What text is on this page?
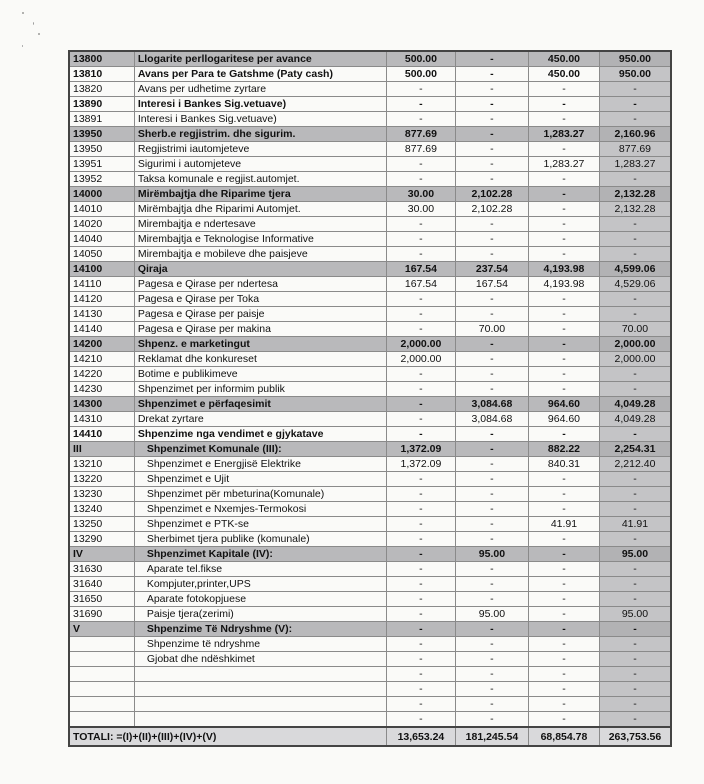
13800	Llogarite perllogaritese per avance	500.00	-	450.00	950.00
13810	Avans per Para te Gatshme (Paty cash)	500.00	-	450.00	950.00
13820	Avans per udhetime zyrtare	-	-	-	-
13890	Interesi i Bankes Sig.vetuave)	-	-	-	-
13891	Interesi i Bankes Sig.vetuave)	-	-	-	-
13950	Sherb.e regjistrim. dhe sigurim.	877.69	-	1,283.27	2,160.96
13950	Regjistrimi iautomjeteve	877.69	-	-	877.69
13951	Sigurimi i automjeteve	-	-	1,283.27	1,283.27
13952	Taksa komunale e regjist.automjet.	-	-	-	-
14000	Mirëmbajtja dhe Riparime tjera	30.00	2,102.28	-	2,132.28
14010	Mirëmbajtja dhe Riparimi Automjet.	30.00	2,102.28	-	2,132.28
14020	Mirembajtja e ndertesave	-	-	-	-
14040	Mirembajtja e Teknologise Informative	-	-	-	-
14050	Mirembajtja e mobileve dhe paisjeve	-	-	-	-
14100	Qiraja	167.54	237.54	4,193.98	4,599.06
14110	Pagesa e Qirase per ndertesa	167.54	167.54	4,193.98	4,529.06
14120	Pagesa e Qirase per Toka	-	-	-	-
14130	Pagesa e Qirase per paisje	-	-	-	-
14140	Pagesa e Qirase per makina	-	70.00	-	70.00
14200	Shpenz. e marketingut	2,000.00	-	-	2,000.00
14210	Reklamat dhe konkureset	2,000.00	-	-	2,000.00
14220	Botime e publikimeve	-	-	-	-
14230	Shpenzimet per informim publik	-	-	-	-
14300	Shpenzimet e përfaqesimit	-	3,084.68	964.60	4,049.28
14310	Drekat zyrtare	-	3,084.68	964.60	4,049.28
14410	Shpenzime nga vendimet e gjykatave	-	-	-	-
III	Shpenzimet Komunale (III):	1,372.09	-	882.22	2,254.31
13210	Shpenzimet e Energjisë Elektrike	1,372.09	-	840.31	2,212.40
13220	Shpenzimet e Ujit	-	-	-	-
13230	Shpenzimet për mbeturina(Komunale)	-	-	-	-
13240	Shpenzimet e Nxemjes-Termokosi	-	-	-	-
13250	Shpenzimet e PTK-se	-	-	41.91	41.91
13290	Sherbimet tjera publike (komunale)	-	-	-	-
IV	Shpenzimet Kapitale (IV):	-	95.00	-	95.00
31630	Aparate tel.fikse	-	-	-	-
31640	Kompjuter,printer,UPS	-	-	-	-
31650	Aparate fotokopjuese	-	-	-	-
31690	Paisje tjera(zerimi)	-	95.00	-	95.00
V	Shpenzime Të Ndryshme (V):	-	-	-	-
	Shpenzime të ndryshme	-	-	-	-
	Gjobat dhe ndëshkimet	-	-	-	-
		-	-	-	-
		-	-	-	-
		-	-	-	-
		-	-	-	-
TOTALI: =(I)+(II)+(III)+(IV)+(V)		13,653.24	181,245.54	68,854.78	263,753.56
